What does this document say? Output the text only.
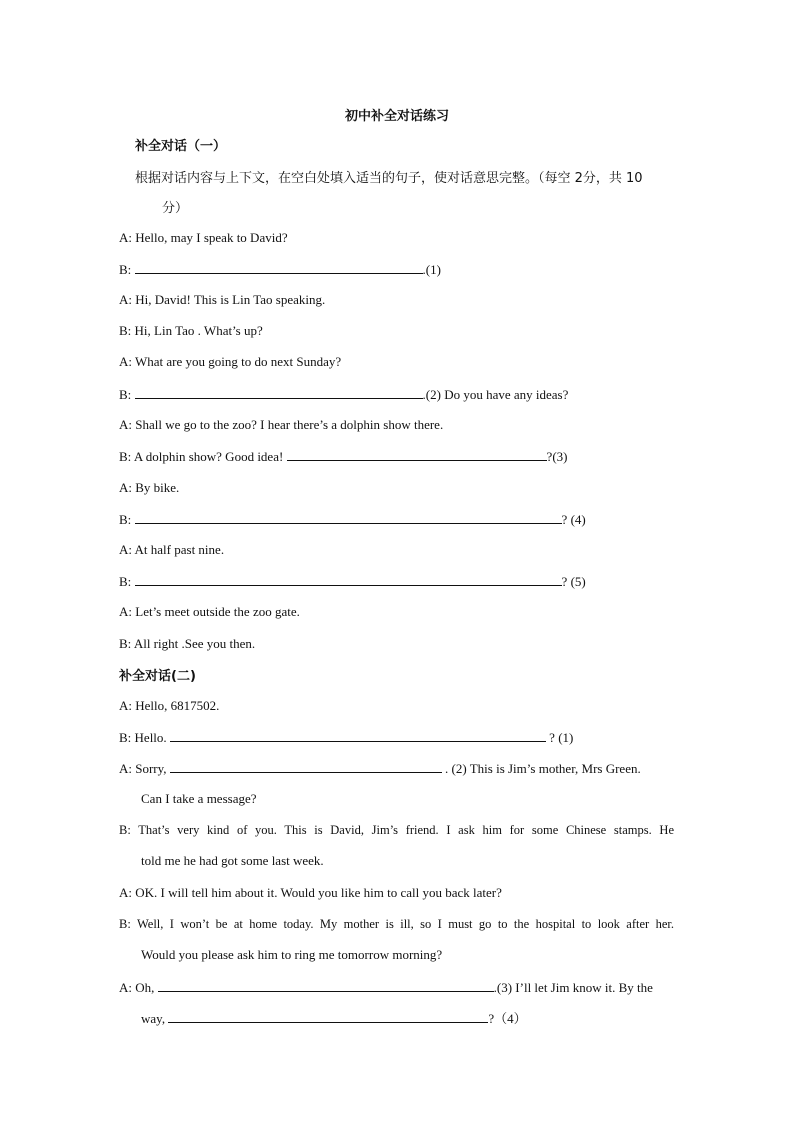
初中补全对话练习
补全对话（一）
根据对话内容与上下文，在空白处填入适当的句子，使对话意思完整。（每空 2分，共 10
分）
A: Hello, may I speak to David?
B:	.(1)
A: Hi, David! This is Lin Tao speaking.
B: Hi, Lin Tao . What’s up?
A: What are you going to do next Sunday?
B:	.(2) Do you have any ideas?
A: Shall we go to the zoo? I hear there’s a dolphin show there.
B: A dolphin show? Good idea!	?(3)
A: By bike.
B:	? (4)
A: At half past nine.
B:	? (5)
A: Let’s meet outside the zoo gate.
B: All right .See you then.
补全对话(二)
A: Hello, 6817502.
B: Hello.	? (1)
A: Sorry,	. (2) This is Jim’s mother, Mrs Green.
Can I take a message?
B: That’s very kind of you. This is David, Jim’s friend. I ask him for some Chinese stamps. He
told me he had got some last week.
A: OK. I will tell him about it. Would you like him to call you back later?
B: Well, I won’t be at home today. My mother is ill, so I must go to the hospital to look after her.
Would you please ask him to ring me tomorrow morning?
A: Oh,	.(3) I’ll let Jim know it. By the
way,	?（4）
